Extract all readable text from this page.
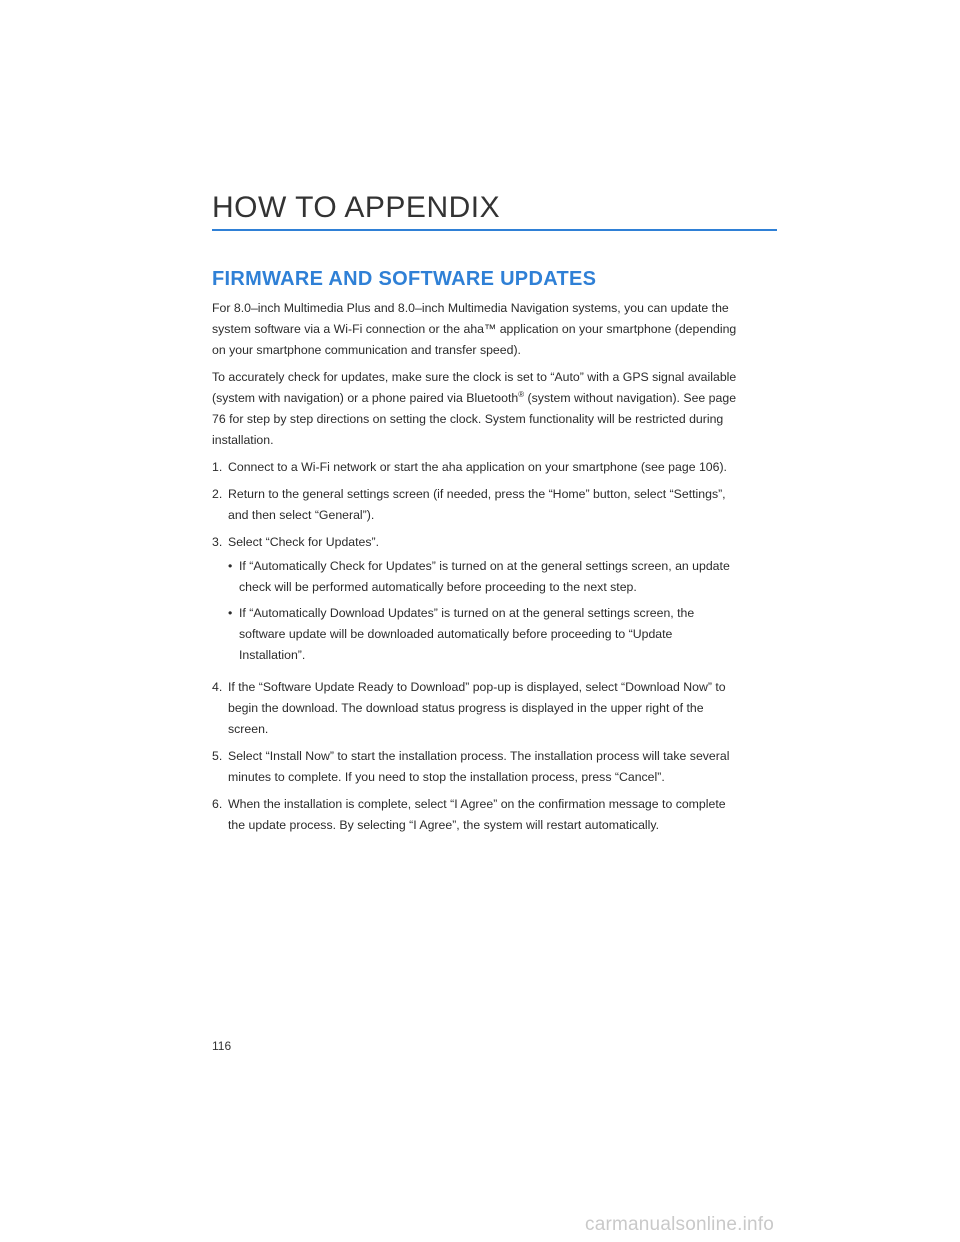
HOW TO APPENDIX
FIRMWARE AND SOFTWARE UPDATES

For 8.0–inch Multimedia Plus and 8.0–inch Multimedia Navigation systems, you can update the system software via a Wi-Fi connection or the aha™ application on your smartphone (depending on your smartphone communication and transfer speed).

To accurately check for updates, make sure the clock is set to “Auto” with a GPS signal available (system with navigation) or a phone paired via Bluetooth® (system without navigation). See page 76 for step by step directions on setting the clock. System functionality will be restricted during installation.

1. Connect to a Wi-Fi network or start the aha application on your smartphone (see page 106).
2. Return to the general settings screen (if needed, press the “Home” button, select “Settings”, and then select “General”).
3. Select “Check for Updates”.
• If “Automatically Check for Updates” is turned on at the general settings screen, an update check will be performed automatically before proceeding to the next step.
• If “Automatically Download Updates” is turned on at the general settings screen, the software update will be downloaded automatically before proceeding to “Update Installation”.
4. If the “Software Update Ready to Download” pop-up is displayed, select “Download Now” to begin the download. The download status progress is displayed in the upper right of the screen.
5. Select “Install Now” to start the installation process. The installation process will take several minutes to complete. If you need to stop the installation process, press “Cancel”.
6. When the installation is complete, select “I Agree” on the confirmation message to complete the update process. By selecting “I Agree”, the system will restart automatically.
116
carmanualsonline.info
